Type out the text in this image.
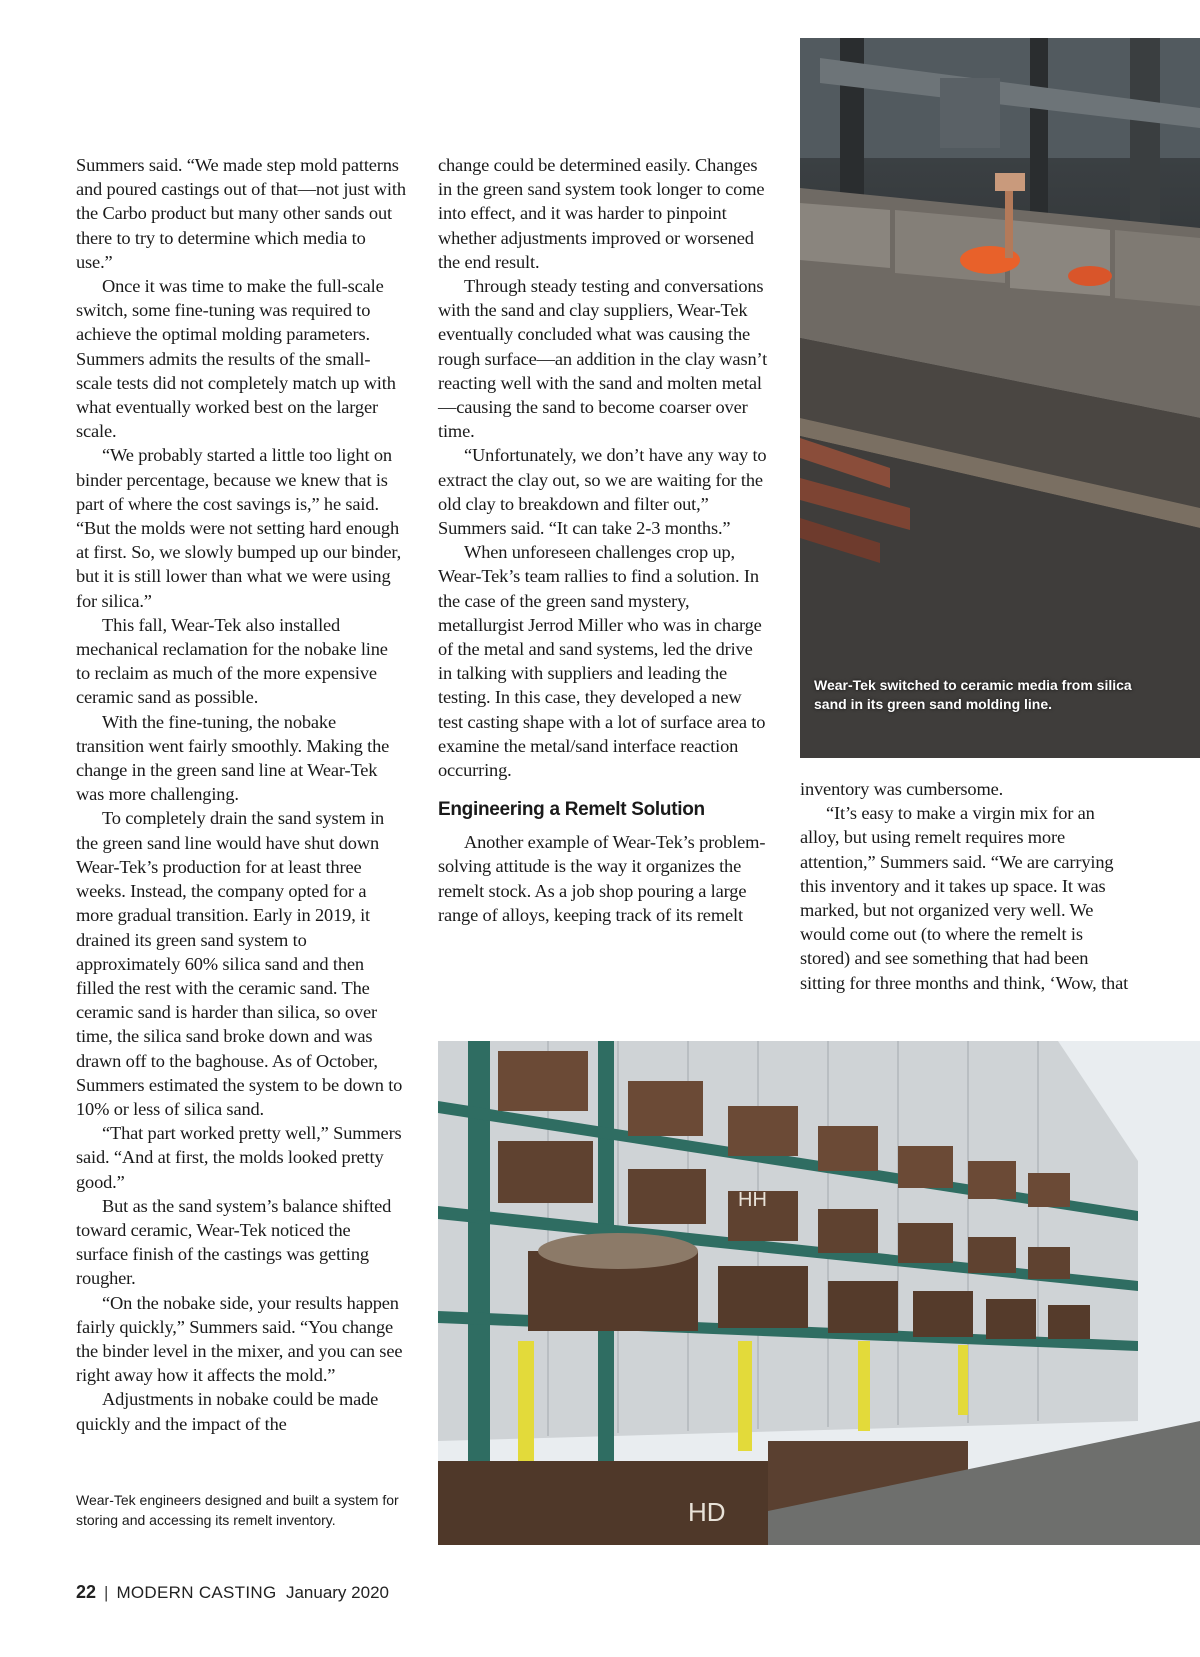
Summers said. “We made step mold patterns and poured castings out of that—not just with the Carbo product but many other sands out there to try to determine which media to use.”

Once it was time to make the full-scale switch, some fine-tuning was required to achieve the optimal molding parameters. Summers admits the results of the small-scale tests did not completely match up with what eventually worked best on the larger scale.

“We probably started a little too light on binder percentage, because we knew that is part of where the cost savings is,” he said. “But the molds were not setting hard enough at first. So, we slowly bumped up our binder, but it is still lower than what we were using for silica.”

This fall, Wear-Tek also installed mechanical reclamation for the nobake line to reclaim as much of the more expensive ceramic sand as possible.

With the fine-tuning, the nobake transition went fairly smoothly. Making the change in the green sand line at Wear-Tek was more challenging.

To completely drain the sand system in the green sand line would have shut down Wear-Tek’s production for at least three weeks. Instead, the company opted for a more gradual transition. Early in 2019, it drained its green sand system to approximately 60% silica sand and then filled the rest with the ceramic sand. The ceramic sand is harder than silica, so over time, the silica sand broke down and was drawn off to the baghouse. As of October, Summers estimated the system to be down to 10% or less of silica sand.

“That part worked pretty well,” Summers said. “And at first, the molds looked pretty good.”

But as the sand system’s balance shifted toward ceramic, Wear-Tek noticed the surface finish of the castings was getting rougher.

“On the nobake side, your results happen fairly quickly,” Summers said. “You change the binder level in the mixer, and you can see right away how it affects the mold.”

Adjustments in nobake could be made quickly and the impact of the

change could be determined easily. Changes in the green sand system took longer to come into effect, and it was harder to pinpoint whether adjustments improved or worsened the end result.

Through steady testing and conversations with the sand and clay suppliers, Wear-Tek eventually concluded what was causing the rough surface—an addition in the clay wasn’t reacting well with the sand and molten metal—causing the sand to become coarser over time.

“Unfortunately, we don’t have any way to extract the clay out, so we are waiting for the old clay to breakdown and filter out,” Summers said. “It can take 2-3 months.”

When unforeseen challenges crop up, Wear-Tek’s team rallies to find a solution. In the case of the green sand mystery, metallurgist Jerrod Miller who was in charge of the metal and sand systems, led the drive in talking with suppliers and leading the testing. In this case, they developed a new test casting shape with a lot of surface area to examine the metal/sand interface reaction occurring.

Engineering a Remelt Solution

Another example of Wear-Tek’s problem-solving attitude is the way it organizes the remelt stock. As a job shop pouring a large range of alloys, keeping track of its remelt

inventory was cumbersome.

“It’s easy to make a virgin mix for an alloy, but using remelt requires more attention,” Summers said. “We are carrying this inventory and it takes up space. It was marked, but not organized very well. We would come out (to where the remelt is stored) and see something that had been sitting for three months and think, ‘Wow, that

Wear-Tek switched to ceramic media from silica sand in its green sand molding line.
HH
HD
Wear-Tek engineers designed and built a system for storing and accessing its remelt inventory.
22 | MODERN CASTING January 2020
